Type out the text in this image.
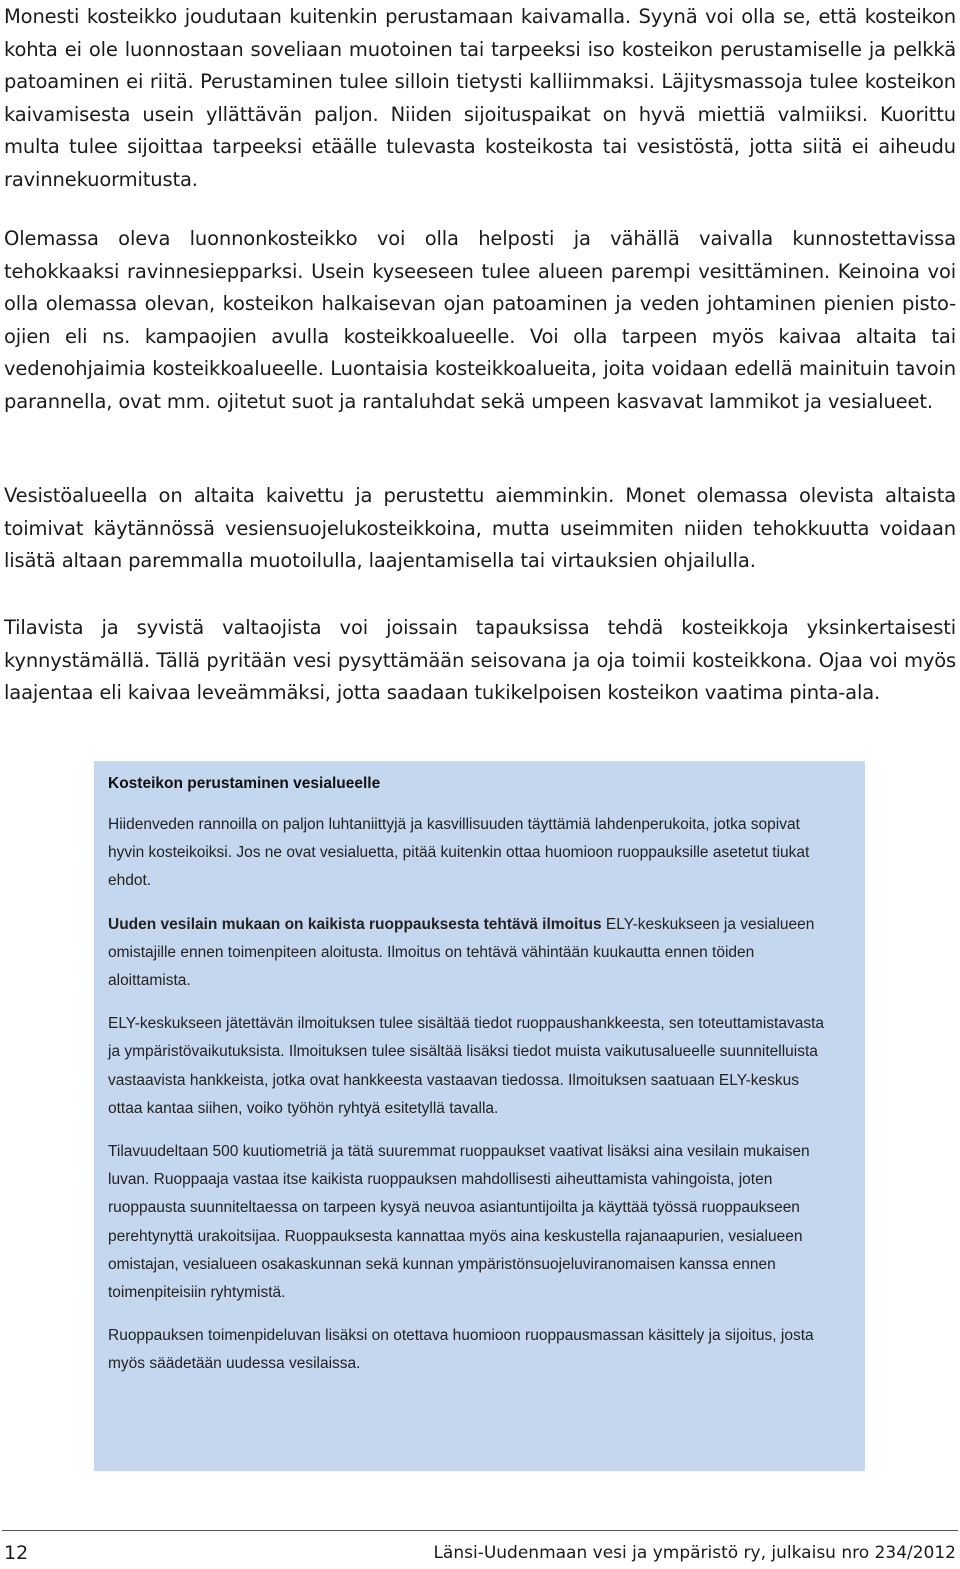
Monesti kosteikko joudutaan kuitenkin perustamaan kaivamalla. Syynä voi olla se, että kosteikon kohta ei ole luonnostaan soveliaan muotoinen tai tarpeeksi iso kosteikon perustamiselle ja pelkkä patoaminen ei riitä. Perustaminen tulee silloin tietysti kalliimmaksi. Läjitysmassoja tulee kosteikon kaivamisesta usein yllättävän paljon. Niiden sijoituspaikat on hyvä miettiä valmiiksi. Kuorittu multa tulee sijoittaa tarpeeksi etäälle tulevasta kosteikosta tai vesistöstä, jotta siitä ei aiheudu ravinnekuormitusta.

Olemassa oleva luonnonkosteikko voi olla helposti ja vähällä vaivalla kunnostettavissa tehokkaaksi ravinnesiepparksi. Usein kyseeseen tulee alueen parempi vesittäminen. Keinoina voi olla olemassa olevan, kosteikon halkaisevan ojan patoaminen ja veden johtaminen pienien pisto-ojien eli ns. kampaojien avulla kosteikkoalueelle. Voi olla tarpeen myös kaivaa altaita tai vedenohjaimia kosteikkoalueelle. Luontaisia kosteikkoalueita, joita voidaan edellä mainituin tavoin parannella, ovat mm. ojitetut suot ja rantaluhdat sekä umpeen kasvavat lammikot ja vesialueet.

Vesistöalueella on altaita kaivettu ja perustettu aiemminkin. Monet olemassa olevista altaista toimivat käytännössä vesiensuojelukosteikkoina, mutta useimmiten niiden tehokkuutta voidaan lisätä altaan paremmalla muotoilulla, laajentamisella tai virtauksien ohjailulla.

Tilavista ja syvistä valtaojista voi joissain tapauksissa tehdä kosteikkoja yksinkertaisesti kynnystämällä. Tällä pyritään vesi pysyttämään seisovana ja oja toimii kosteikkona. Ojaa voi myös laajentaa eli kaivaa leveämmäksi, jotta saadaan tukikelpoisen kosteikon vaatima pinta-ala.

Kosteikon perustaminen vesialueelle

Hiidenveden rannoilla on paljon luhtaniittyjä ja kasvillisuuden täyttämiä lahdenperukoita, jotka sopivat hyvin kosteikoiksi. Jos ne ovat vesialuetta, pitää kuitenkin ottaa huomioon ruoppauksille asetetut tiukat ehdot.

Uuden vesilain mukaan on kaikista ruoppauksesta tehtävä ilmoitus ELY-keskukseen ja vesialueen omistajille ennen toimenpiteen aloitusta. Ilmoitus on tehtävä vähintään kuukautta ennen töiden aloittamista.

ELY-keskukseen jätettävän ilmoituksen tulee sisältää tiedot ruoppaushankkeesta, sen toteuttamistavasta ja ympäristövaikutuksista. Ilmoituksen tulee sisältää lisäksi tiedot muista vaikutusalueelle suunnitelluista vastaavista hankkeista, jotka ovat hankkeesta vastaavan tiedossa. Ilmoituksen saatuaan ELY-keskus ottaa kantaa siihen, voiko työhön ryhtyä esitetyllä tavalla.

Tilavuudeltaan 500 kuutiometriä ja tätä suuremmat ruoppaukset vaativat lisäksi aina vesilain mukaisen luvan. Ruoppaaja vastaa itse kaikista ruoppauksen mahdollisesti aiheuttamista vahingoista, joten ruoppausta suunniteltaessa on tarpeen kysyä neuvoa asiantuntijoilta ja käyttää työssä ruoppaukseen perehtynyttä urakoitsijaa. Ruoppauksesta kannattaa myös aina keskustella rajanaapurien, vesialueen omistajan, vesialueen osakaskunnan sekä kunnan ympäristönsuojeluviranomaisen kanssa ennen toimenpiteisiin ryhtymistä.

Ruoppauksen toimenpideluvan lisäksi on otettava huomioon ruoppausmassan käsittely ja sijoitus, josta myös säädetään uudessa vesilaissa.

12	Länsi-Uudenmaan vesi ja ympäristö ry, julkaisu nro 234/2012
